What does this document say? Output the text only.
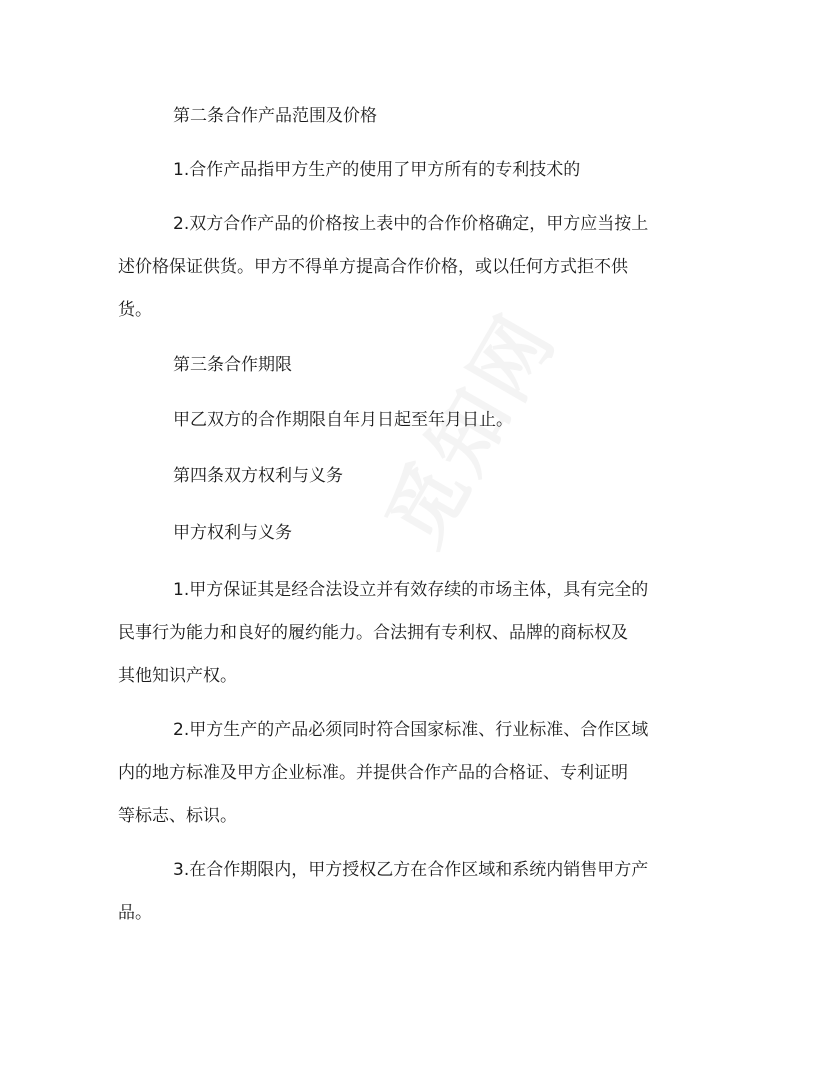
第二条合作产品范围及价格
1.合作产品指甲方生产的使用了甲方所有的专利技术的
2.双方合作产品的价格按上表中的合作价格确定，甲方应当按上
述价格保证供货。甲方不得单方提高合作价格，或以任何方式拒不供
货。
第三条合作期限
甲乙双方的合作期限自年月日起至年月日止。
第四条双方权利与义务
甲方权利与义务
1.甲方保证其是经合法设立并有效存续的市场主体，具有完全的
民事行为能力和良好的履约能力。合法拥有专利权、品牌的商标权及
其他知识产权。
2.甲方生产的产品必须同时符合国家标准、行业标准、合作区域
内的地方标准及甲方企业标准。并提供合作产品的合格证、专利证明
等标志、标识。
3.在合作期限内，甲方授权乙方在合作区域和系统内销售甲方产
品。
